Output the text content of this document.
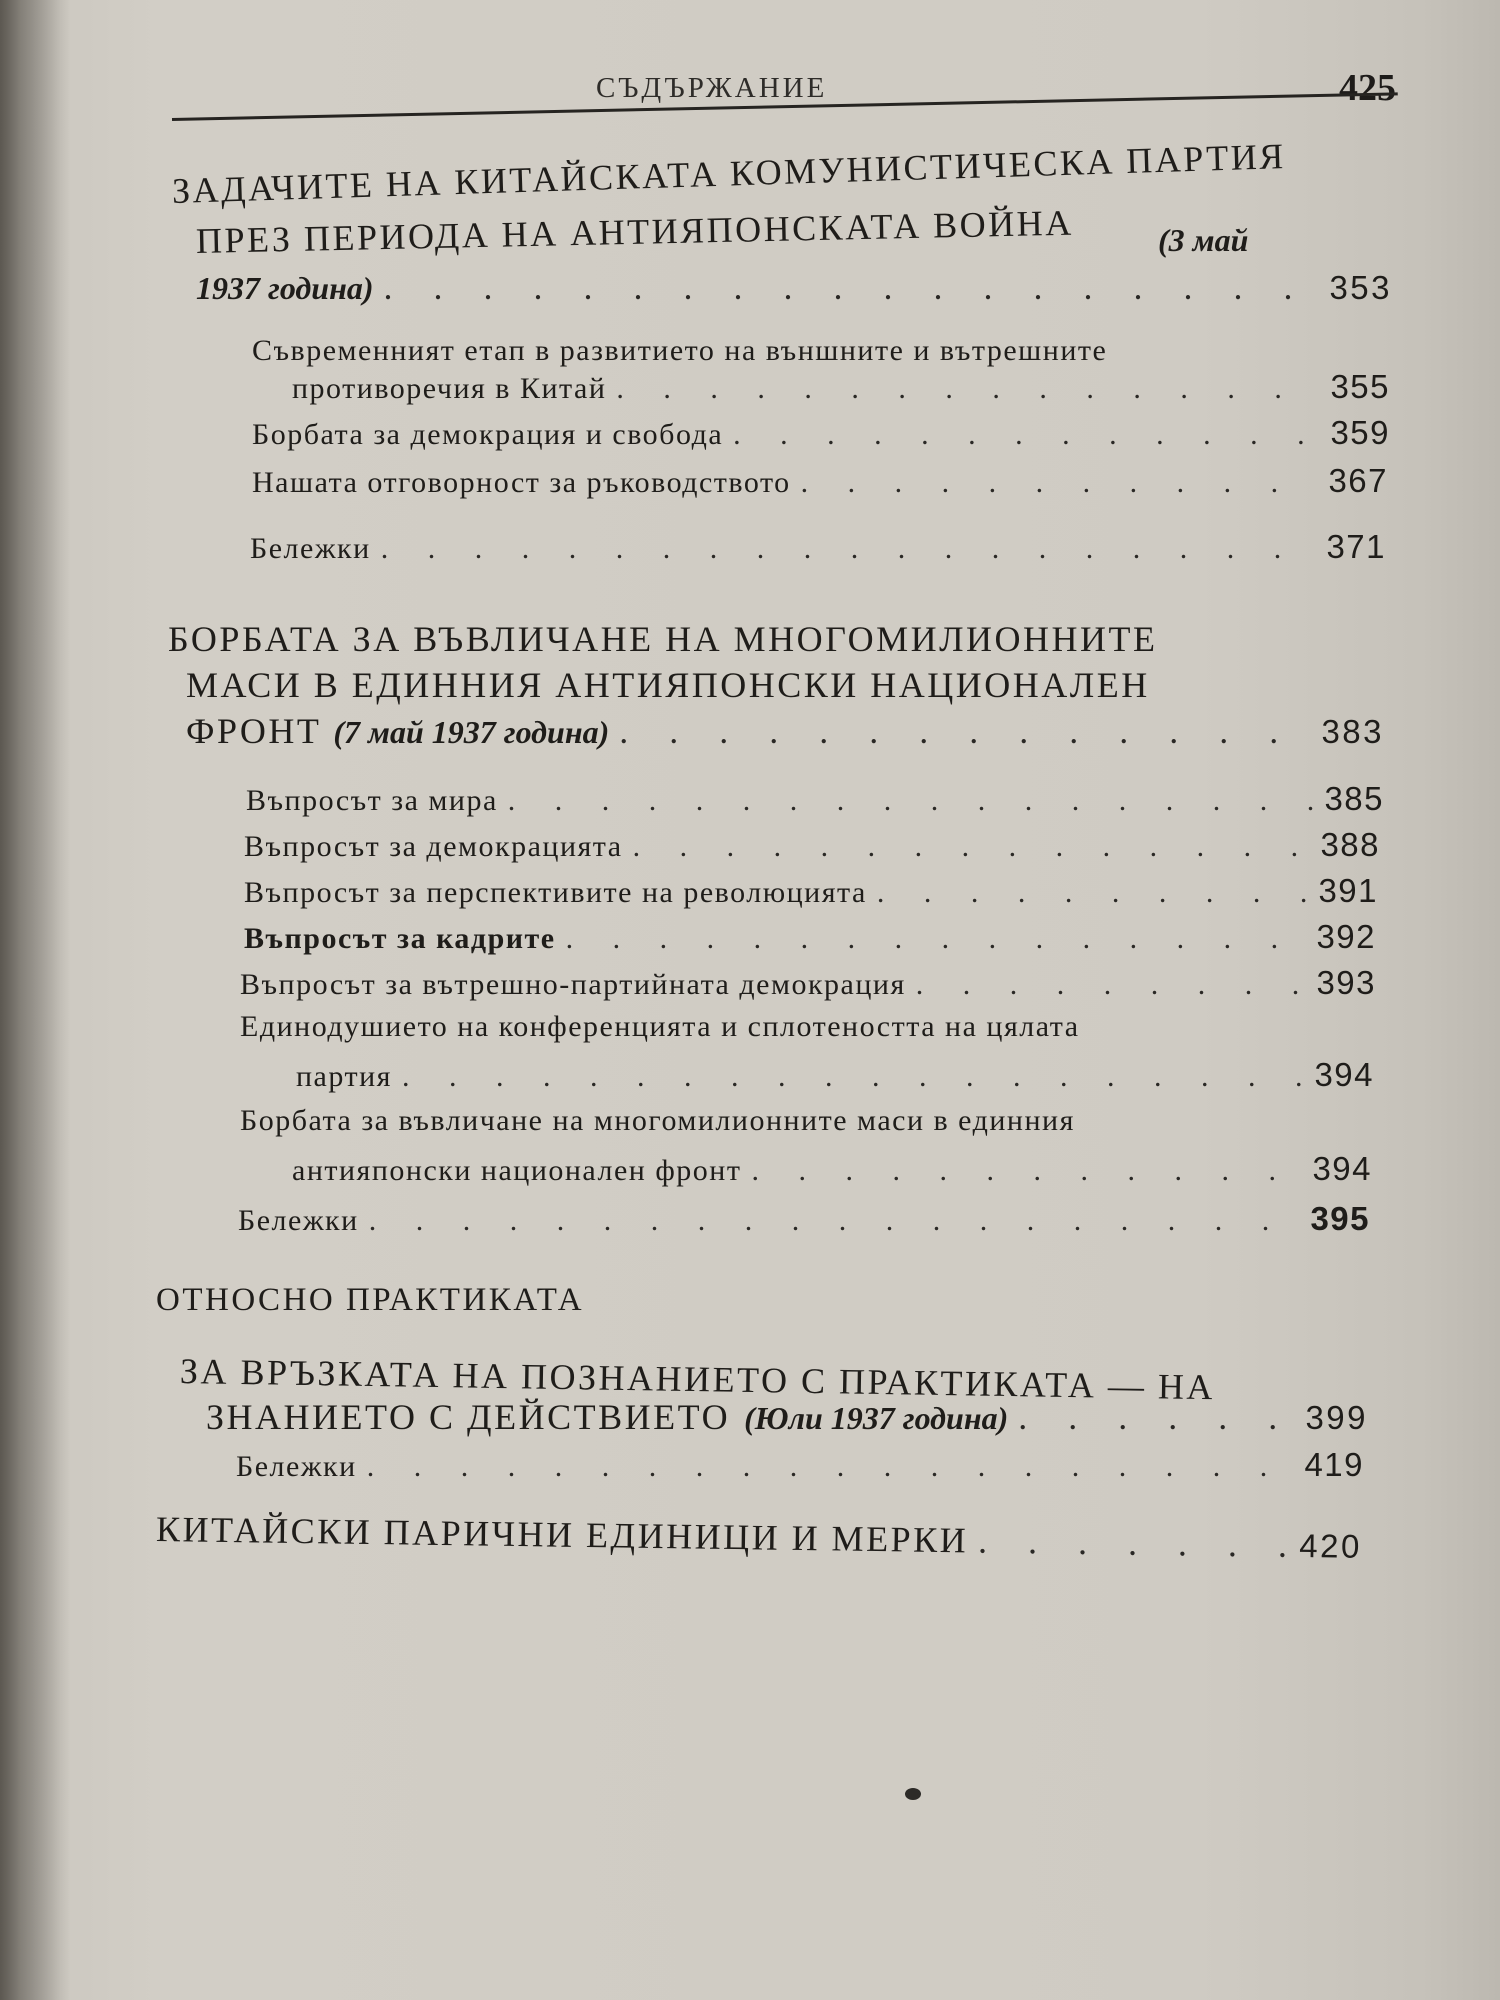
СЪДЪРЖАНИЕ	425
ЗАДАЧИТЕ НА КИТАЙСКАТА КОМУНИСТИЧЕСКА ПАРТИЯ
ПРЕЗ ПЕРИОДА НА АНТИЯПОНСКАТА ВОЙНА	(3 май
1937 година) . . .	353
Съвременният етап в развитието на външните и вътрешните
противоречия в Китай . . .	355
Борбата за демокрация и свобода . . .	359
Нашата отговорност за ръководството . . .	367
Бележки . . .	371
БОРБАТА ЗА ВЪВЛИЧАНЕ НА МНОГОМИЛИОННИТЕ
МАСИ В ЕДИННИЯ АНТИЯПОНСКИ НАЦИОНАЛЕН
ФРОНТ (7 май 1937 година) . . .	383
Въпросът за мира . . .	385
Въпросът за демокрацията . . .	388
Въпросът за перспективите на революцията . . .	391
Въпросът за кадрите . . .	392
Въпросът за вътрешно-партийната демокрация . . .	393
Единодушието на конференцията и сплотеността на цялата
партия . . .	394
Борбата за въвличане на многомилионните маси в единния
антияпонски национален фронт . . .	394
Бележки . . .	395
ОТНОСНО ПРАКТИКАТА
ЗА ВРЪЗКАТА НА ПОЗНАНИЕТО С ПРАКТИКАТА — НА
ЗНАНИЕТО С ДЕЙСТВИЕТО (Юли 1937 година) . . .	399
Бележки . . .	419
КИТАЙСКИ ПАРИЧНИ ЕДИНИЦИ И МЕРКИ . . .	420
